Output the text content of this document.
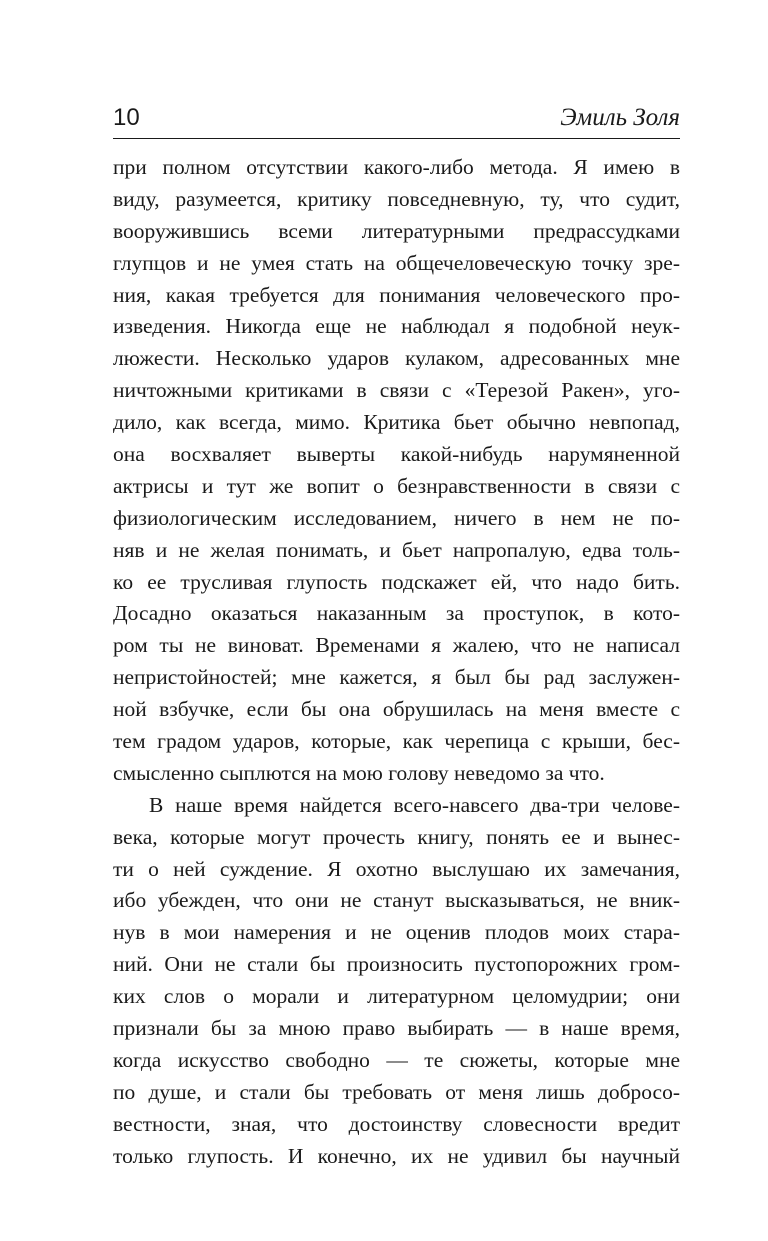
10	Эмиль Золя
при полном отсутствии какого-либо метода. Я имею в
виду, разумеется, критику повседневную, ту, что судит,
вооружившись всеми литературными предрассудками
глупцов и не умея стать на общечеловеческую точку зре-
ния, какая требуется для понимания человеческого про-
изведения. Никогда еще не наблюдал я подобной неук-
люжести. Несколько ударов кулаком, адресованных мне
ничтожными критиками в связи с «Терезой Ракен», уго-
дило, как всегда, мимо. Критика бьет обычно невпопад,
она восхваляет выверты какой-нибудь нарумяненной
актрисы и тут же вопит о безнравственности в связи с
физиологическим исследованием, ничего в нем не по-
няв и не желая понимать, и бьет напропалую, едва толь-
ко ее трусливая глупость подскажет ей, что надо бить.
Досадно оказаться наказанным за проступок, в кото-
ром ты не виноват. Временами я жалею, что не написал
непристойностей; мне кажется, я был бы рад заслужен-
ной взбучке, если бы она обрушилась на меня вместе с
тем градом ударов, которые, как черепица с крыши, бес-
смысленно сыплются на мою голову неведомо за что.
В наше время найдется всего-навсего два-три челове-
века, которые могут прочесть книгу, понять ее и вынес-
ти о ней суждение. Я охотно выслушаю их замечания,
ибо убежден, что они не станут высказываться, не вник-
нув в мои намерения и не оценив плодов моих стара-
ний. Они не стали бы произносить пустопорожних гром-
ких слов о морали и литературном целомудрии; они
признали бы за мною право выбирать — в наше время,
когда искусство свободно — те сюжеты, которые мне
по душе, и стали бы требовать от меня лишь добросо-
вестности, зная, что достоинству словесности вредит
только глупость. И конечно, их не удивил бы научный
